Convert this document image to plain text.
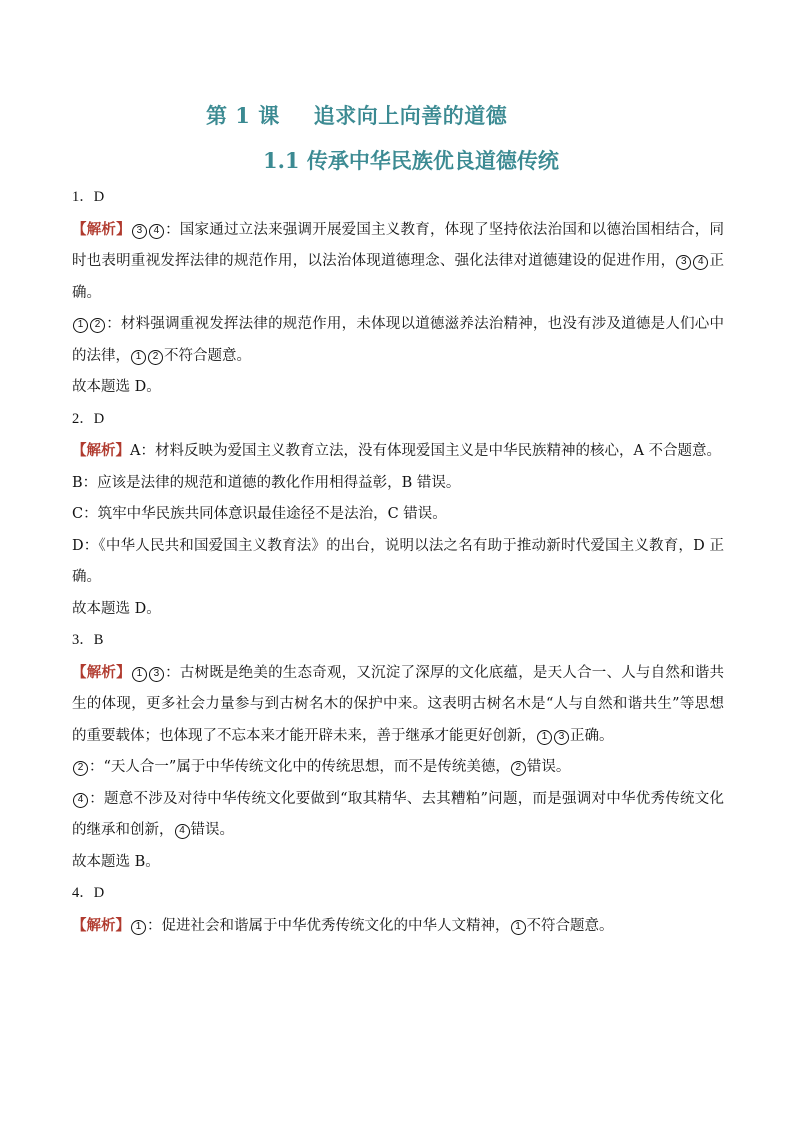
第 1 课 追求向上向善的道德
1.1 传承中华民族优良道德传统

1．D

【解析】 3 4 ：国家通过立法来强调开展爱国主义教育，体现了坚持依法治国和以德治国相结合，同时也表明重视发挥法律的规范作用，以法治体现道德理念、强化法律对道德建设的促进作用， 3 4 正确。

1 2 ：材料强调重视发挥法律的规范作用，未体现以道德滋养法治精神，也没有涉及道德是人们心中的法律， 1 2 不符合题意。

故本题选 D。

2．D

【解析】A：材料反映为爱国主义教育立法，没有体现爱国主义是中华民族精神的核心，A 不合题意。

B：应该是法律的规范和道德的教化作用相得益彰，B 错误。

C：筑牢中华民族共同体意识最佳途径不是法治，C 错误。

D：《中华人民共和国爱国主义教育法》的出台，说明以法之名有助于推动新时代爱国主义教育，D 正确。

故本题选 D。

3．B

【解析】 1 3 ：古树既是绝美的生态奇观，又沉淀了深厚的文化底蕴，是天人合一、人与自然和谐共生的体现，更多社会力量参与到古树名木的保护中来。这表明古树名木是“人与自然和谐共生”等思想的重要载体；也体现了不忘本来才能开辟未来，善于继承才能更好创新， 1 3 正确。

2 ：“天人合一”属于中华传统文化中的传统思想，而不是传统美德， 2 错误。

4 ：题意不涉及对待中华传统文化要做到“取其精华、去其糟粕”问题，而是强调对中华优秀传统文化的继承和创新， 4 错误。

故本题选 B。

4．D

【解析】 1 ：促进社会和谐属于中华优秀传统文化的中华人文精神， 1 不符合题意。
